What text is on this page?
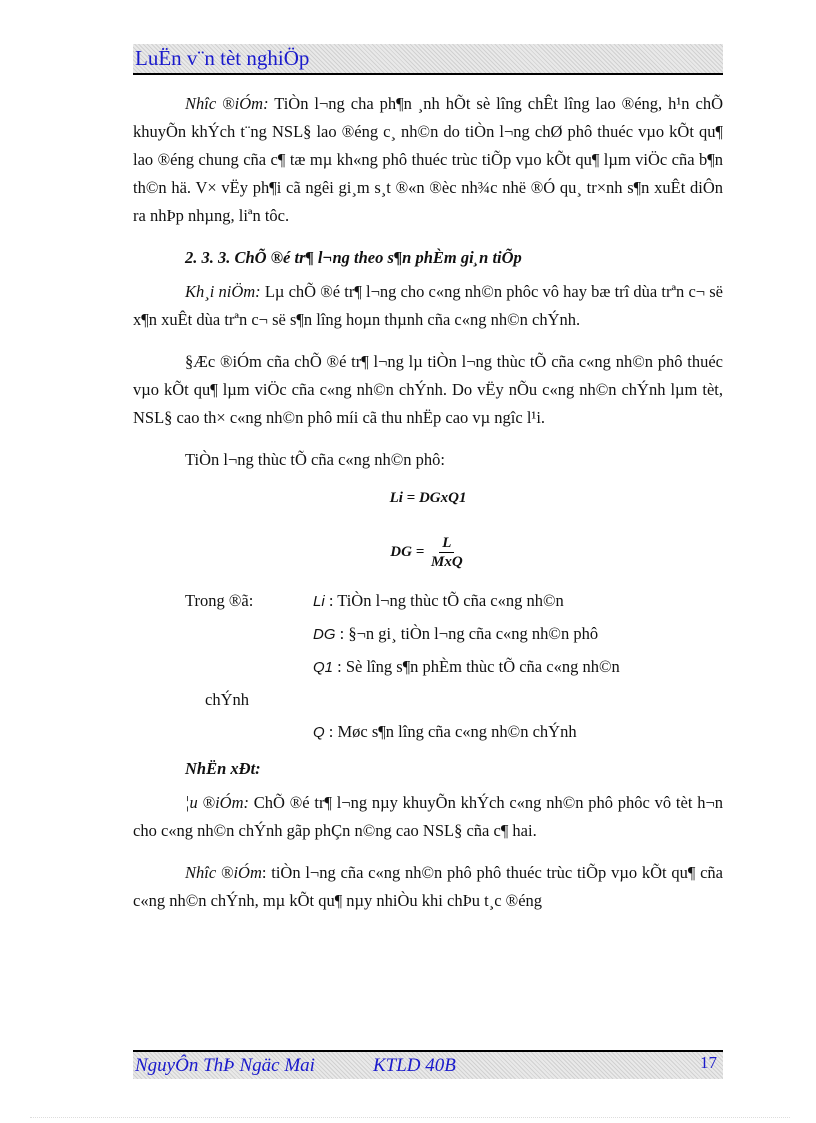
LuËn v¨n tèt nghiÖp

Nhîc ®iÓm: TiÒn l¬ng cha ph¶n ¸nh hÕt sè lîng chÊt lîng lao ®éng, h¹n chÕ khuyÕn khÝch t¨ng NSL§ lao ®éng c¸ nh©n do tiÒn l¬ng chØ phô thuéc vµo kÕt qu¶ lao ®éng chung cña c¶ tæ mµ kh«ng phô thuéc trùc tiÕp vµo kÕt qu¶ lµm viÖc cña b¶n th©n hä. V× vËy ph¶i cã ngêi gi¸m s¸t ®«n ®èc nh¾c nhë ®Ó qu¸ tr×nh s¶n xuÊt diÔn ra nhÞp nhµng, liªn tôc.

2. 3. 3. ChÕ ®é tr¶ l¬ng theo s¶n phÈm gi¸n tiÕp

Kh¸i niÖm: Lµ chÕ ®é tr¶ l¬ng cho c«ng nh©n phôc vô hay bæ trî dùa trªn c¬ së x¶n xuÊt dùa trªn c¬ së s¶n lîng hoµn thµnh cña c«ng nh©n chÝnh.

§Æc ®iÓm cña chÕ ®é tr¶ l¬ng lµ tiÒn l¬ng thùc tÕ cña c«ng nh©n phô thuéc vµo kÕt qu¶ lµm viÖc cña c«ng nh©n chÝnh. Do vËy nÕu c«ng nh©n chÝnh lµm tèt, NSL§ cao th× c«ng nh©n phô míi cã thu nhËp cao vµ ngîc l¹i.

TiÒn l¬ng thùc tÕ cña c«ng nh©n phô:

Li = DGxQ1
DG = $\frac{L}{\text{MxQ}}$
Trong ®ã:	Li : TiÒn l¬ng thùc tÕ cña c«ng nh©n
DG : §¬n gi¸ tiÒn l¬ng cña c«ng nh©n phô
Q1 : Sè lîng s¶n phÈm thùc tÕ cña c«ng nh©n
chÝnh
Q : Møc s¶n lîng cña c«ng nh©n chÝnh
NhËn xÐt:

¦u ®iÓm: ChÕ ®é tr¶ l¬ng nµy khuyÕn khÝch c«ng nh©n phô phôc vô tèt h¬n cho c«ng nh©n chÝnh gãp phÇn n©ng cao NSL§ cña c¶ hai.

Nhîc ®iÓm: tiÒn l¬ng cña c«ng nh©n phô phô thuéc trùc tiÕp vµo kÕt qu¶ cña c«ng nh©n chÝnh, mµ kÕt qu¶ nµy nhiÒu khi chÞu t¸c ®éng

NguyÔn ThÞ Ngäc Mai	KTLD 40B	17
